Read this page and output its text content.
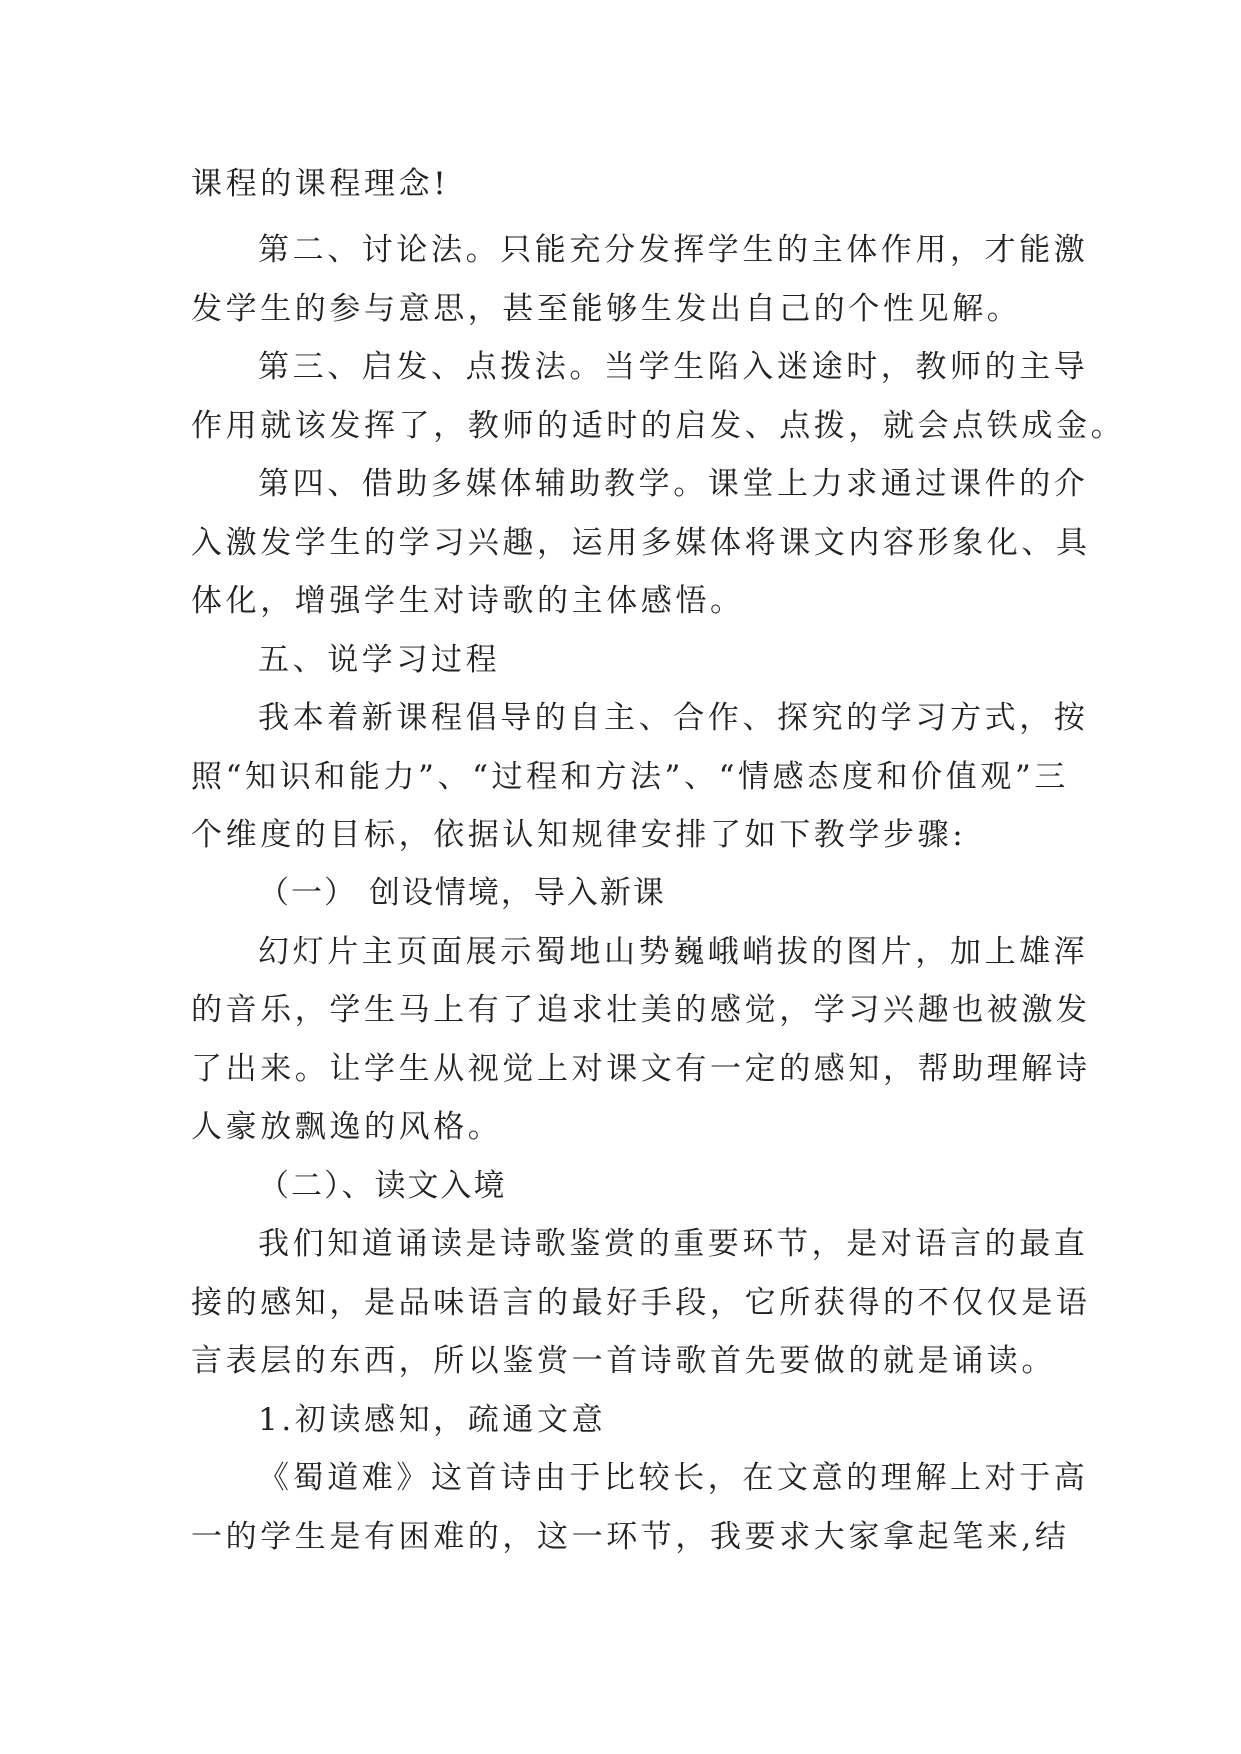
课程的课程理念!
第二、讨论法。只能充分发挥学生的主体作用，才能激
发学生的参与意思，甚至能够生发出自己的个性见解。
第三、启发、点拨法。当学生陷入迷途时，教师的主导
作用就该发挥了，教师的适时的启发、点拨，就会点铁成金。
第四、借助多媒体辅助教学。课堂上力求通过课件的介
入激发学生的学习兴趣，运用多媒体将课文内容形象化、具
体化，增强学生对诗歌的主体感悟。
五、说学习过程
我本着新课程倡导的自主、合作、探究的学习方式，按
照“知识和能力”、“过程和方法”、“情感态度和价值观”三
个维度的目标，依据认知规律安排了如下教学步骤:
（一） 创设情境，导入新课
幻灯片主页面展示蜀地山势巍峨峭拔的图片，加上雄浑
的音乐，学生马上有了追求壮美的感觉，学习兴趣也被激发
了出来。让学生从视觉上对课文有一定的感知，帮助理解诗
人豪放飘逸的风格。
（二）、读文入境
我们知道诵读是诗歌鉴赏的重要环节，是对语言的最直
接的感知，是品味语言的最好手段，它所获得的不仅仅是语
言表层的东西，所以鉴赏一首诗歌首先要做的就是诵读。
1.初读感知，疏通文意
《蜀道难》这首诗由于比较长，在文意的理解上对于高
一的学生是有困难的，这一环节，我要求大家拿起笔来,结
